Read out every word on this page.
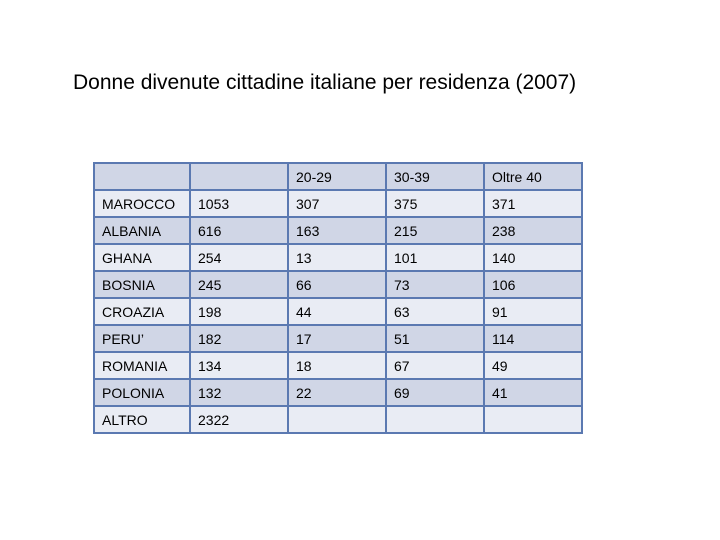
Donne divenute cittadine italiane per residenza (2007)
		20-29	30-39	Oltre 40
MAROCCO	1053	307	375	371
ALBANIA	616	163	215	238
GHANA	254	13	101	140
BOSNIA	245	66	73	106
CROAZIA	198	44	63	91
PERU’	182	17	51	114
ROMANIA	134	18	67	49
POLONIA	132	22	69	41
ALTRO	2322			
